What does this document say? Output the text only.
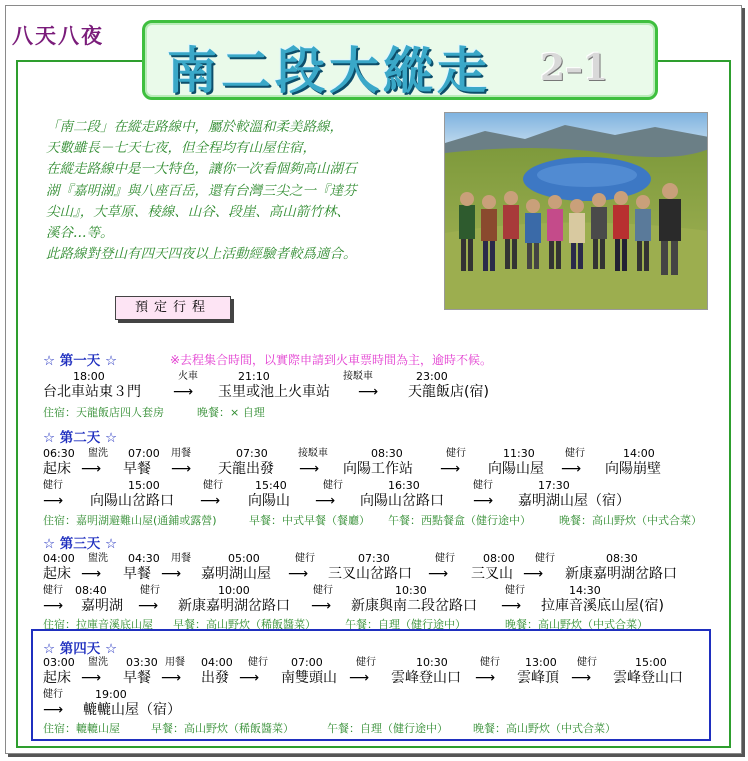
八天八夜
南二段大縱走 2–1
「南二段」在縱走路線中，屬於較溫和柔美路線，
天數雖長－七天七夜，但全程均有山屋住宿，
在縱走路線中是一大特色，讓你一次看個夠高山湖石
湖『嘉明湖』與八座百岳，還有台灣三尖之一『達芬
尖山』，大草原、稜線、山谷、段崖、高山箭竹林、
溪谷…等。
此路線對登山有四天四夜以上活動經驗者較爲適合。
預定行程
☆ 第一天 ☆	※去程集合時間，以實際申請到火車票時間為主，逾時不候。
18:00	火車	21:10	接駁車	23:00
台北車站東３門 ⟶ 玉里或池上火車站 ⟶ 天龍飯店(宿)
住宿：天龍飯店四人套房	晚餐：× 自理
☆ 第二天 ☆
06:30 盥洗 07:00 用餐	07:30	接駁車	08:30	健行	11:30	健行	14:00
起床 ⟶ 早餐 ⟶ 天龍出發 ⟶ 向陽工作站 ⟶ 向陽山屋 ⟶ 向陽崩壁
健行	15:00	健行	15:40	健行	16:30	健行	17:30
⟶ 向陽山岔路口 ⟶ 向陽山 ⟶ 向陽山岔路口 ⟶ 嘉明湖山屋（宿）
住宿：嘉明湖避難山屋(通鋪或露營)	早餐：中式早餐（餐廳） 午餐：西點餐盒（健行途中）	晚餐：高山野炊（中式合菜）
☆ 第三天 ☆
04:00 盥洗 04:30 用餐	05:00	健行	07:30	健行	08:00 健行	08:30
起床 ⟶ 早餐 ⟶ 嘉明湖山屋 ⟶ 三叉山岔路口 ⟶ 三叉山 ⟶ 新康嘉明湖岔路口
健行 08:40	健行	10:00	健行	10:30	健行	14:30
⟶ 嘉明湖 ⟶ 新康嘉明湖岔路口 ⟶ 新康與南二段岔路口 ⟶ 拉庫音溪底山屋(宿)
住宿：拉庫音溪底山屋 早餐：高山野炊（稀飯醬菜）	午餐：自理（健行途中）	晚餐：高山野炊（中式合菜）
☆ 第四天 ☆
03:00 盥洗 03:30 用餐 04:00 健行 07:00	健行	10:30	健行 13:00 健行	15:00
起床 ⟶ 早餐 ⟶ 出發 ⟶ 南雙頭山 ⟶ 雲峰登山口 ⟶ 雲峰頂 ⟶ 雲峰登山口
健行	19:00
⟶ 轆轆山屋（宿）
住宿：轆轆山屋	早餐：高山野炊（稀飯醬菜）	午餐：自理（健行途中） 晚餐：高山野炊（中式合菜）
